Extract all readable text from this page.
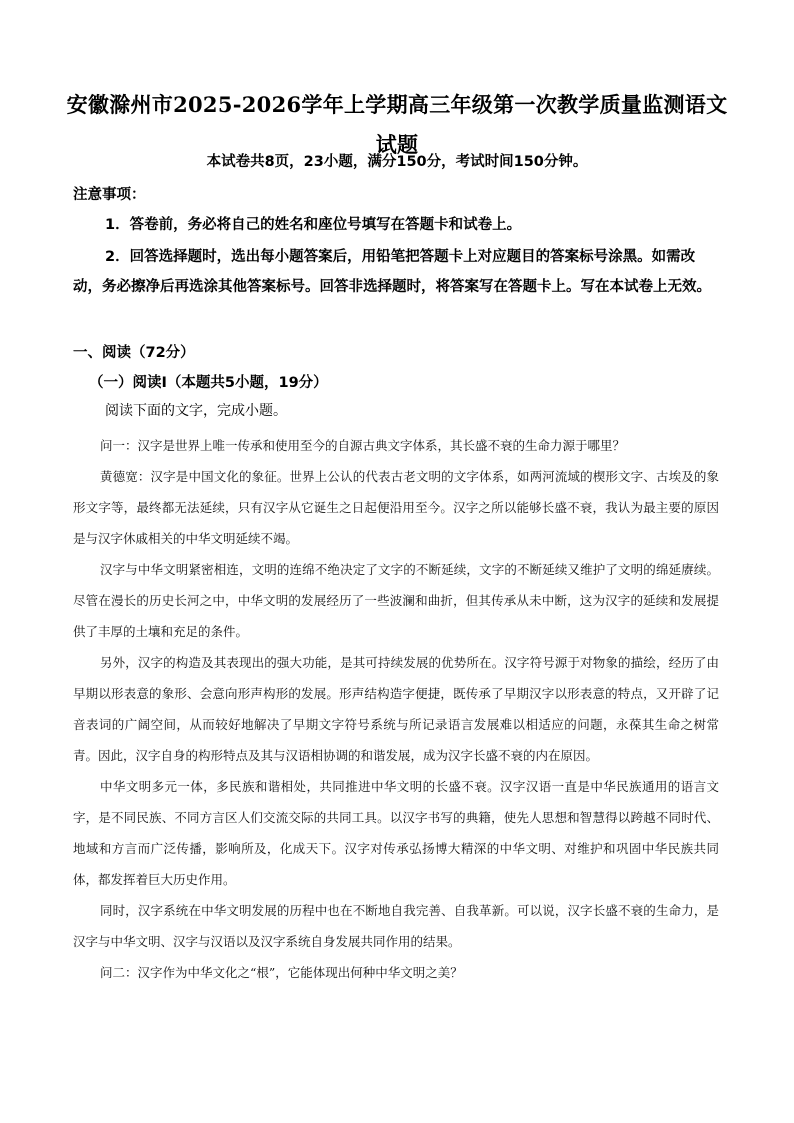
安徽滁州市2025-2026学年上学期高三年级第一次教学质量监测语文
试题
本试卷共8页，23小题，满分150分，考试时间150分钟。
注意事项：
1．答卷前，务必将自己的姓名和座位号填写在答题卡和试卷上。
2．回答选择题时，选出每小题答案后，用铅笔把答题卡上对应题目的答案标号涂黑。如需改动，务必擦净后再选涂其他答案标号。回答非选择题时，将答案写在答题卡上。写在本试卷上无效。
一、阅读（72分）
（一）阅读Ⅰ（本题共5小题，19分）
阅读下面的文字，完成小题。

问一：汉字是世界上唯一传承和使用至今的自源古典文字体系，其长盛不衰的生命力源于哪里？

黄德宽：汉字是中国文化的象征。世界上公认的代表古老文明的文字体系，如两河流域的楔形文字、古埃及的象形文字等，最终都无法延续，只有汉字从它诞生之日起便沿用至今。汉字之所以能够长盛不衰，我认为最主要的原因是与汉字休戚相关的中华文明延续不竭。

汉字与中华文明紧密相连，文明的连绵不绝决定了文字的不断延续，文字的不断延续又维护了文明的绵延赓续。尽管在漫长的历史长河之中，中华文明的发展经历了一些波澜和曲折，但其传承从未中断，这为汉字的延续和发展提供了丰厚的土壤和充足的条件。

另外，汉字的构造及其表现出的强大功能，是其可持续发展的优势所在。汉字符号源于对物象的描绘，经历了由早期以形表意的象形、会意向形声构形的发展。形声结构造字便捷，既传承了早期汉字以形表意的特点，又开辟了记音表词的广阔空间，从而较好地解决了早期文字符号系统与所记录语言发展难以相适应的问题，永葆其生命之树常青。因此，汉字自身的构形特点及其与汉语相协调的和谐发展，成为汉字长盛不衰的内在原因。

中华文明多元一体，多民族和谐相处，共同推进中华文明的长盛不衰。汉字汉语一直是中华民族通用的语言文字，是不同民族、不同方言区人们交流交际的共同工具。以汉字书写的典籍，使先人思想和智慧得以跨越不同时代、地域和方言而广泛传播，影响所及，化成天下。汉字对传承弘扬博大精深的中华文明、对维护和巩固中华民族共同体，都发挥着巨大历史作用。

同时，汉字系统在中华文明发展的历程中也在不断地自我完善、自我革新。可以说，汉字长盛不衰的生命力，是汉字与中华文明、汉字与汉语以及汉字系统自身发展共同作用的结果。

问二：汉字作为中华文化之“根”，它能体现出何种中华文明之美？
